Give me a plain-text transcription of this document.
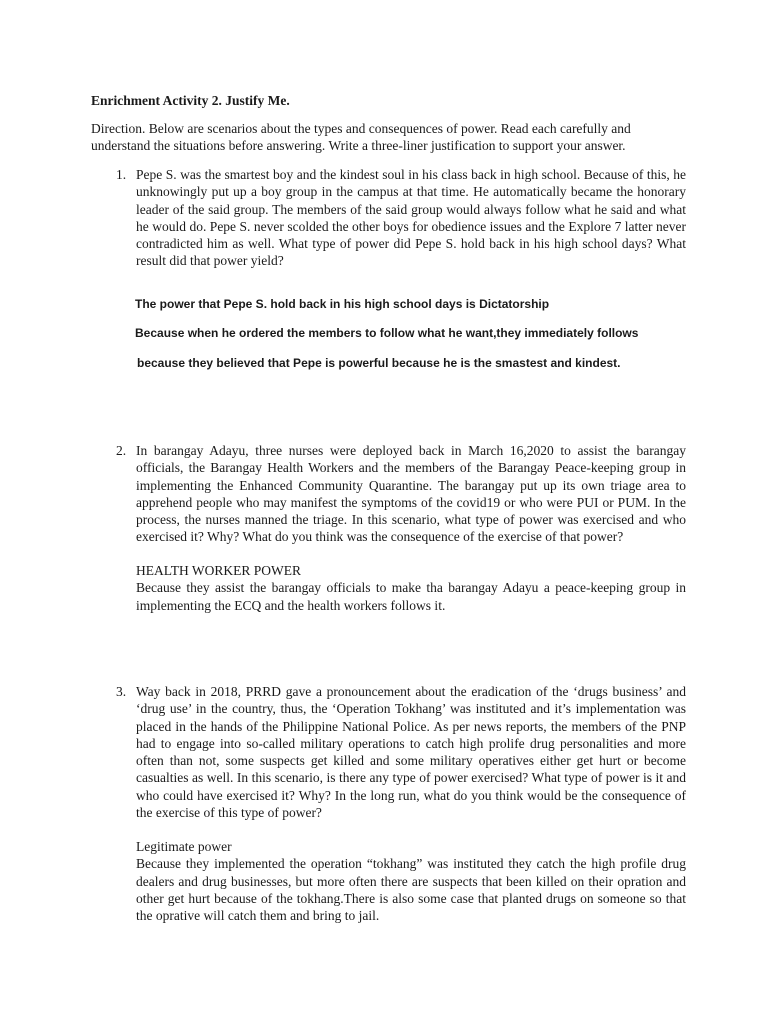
Enrichment Activity 2. Justify Me.
Direction. Below are scenarios about the types and consequences of power. Read each carefully and understand the situations before answering. Write a three-liner justification to support your answer.
1. Pepe S. was the smartest boy and the kindest soul in his class back in high school. Because of this, he unknowingly put up a boy group in the campus at that time. He automatically became the honorary leader of the said group. The members of the said group would always follow what he said and what he would do. Pepe S. never scolded the other boys for obedience issues and the Explore 7 latter never contradicted him as well. What type of power did Pepe S. hold back in his high school days? What result did that power yield?
The power that Pepe S. hold back in his high school days is Dictatorship
Because when he ordered the members to follow what he want,they immediately follows
because they believed that Pepe is powerful because he is the smastest and kindest.
2. In barangay Adayu, three nurses were deployed back in March 16,2020 to assist the barangay officials, the Barangay Health Workers and the members of the Barangay Peace-keeping group in implementing the Enhanced Community Quarantine. The barangay put up its own triage area to apprehend people who may manifest the symptoms of the covid19 or who were PUI or PUM. In the process, the nurses manned the triage. In this scenario, what type of power was exercised and who exercised it? Why? What do you think was the consequence of the exercise of that power?
HEALTH WORKER POWER
Because they assist the barangay officials to make tha barangay Adayu a peace-keeping group in implementing the ECQ and the health workers follows it.
3. Way back in 2018, PRRD gave a pronouncement about the eradication of the ‘drugs business’ and ‘drug use’ in the country, thus, the ‘Operation Tokhang’ was instituted and it’s implementation was placed in the hands of the Philippine National Police. As per news reports, the members of the PNP had to engage into so-called military operations to catch high prolife drug personalities and more often than not, some suspects get killed and some military operatives either get hurt or become casualties as well. In this scenario, is there any type of power exercised? What type of power is it and who could have exercised it? Why? In the long run, what do you think would be the consequence of the exercise of this type of power?
Legitimate power
Because they implemented the operation “tokhang” was instituted they catch the high profile drug dealers and drug businesses, but more often there are suspects that been killed on their opration and other get hurt because of the tokhang.There is also some case that planted drugs on someone so that the oprative will catch them and bring to jail.
